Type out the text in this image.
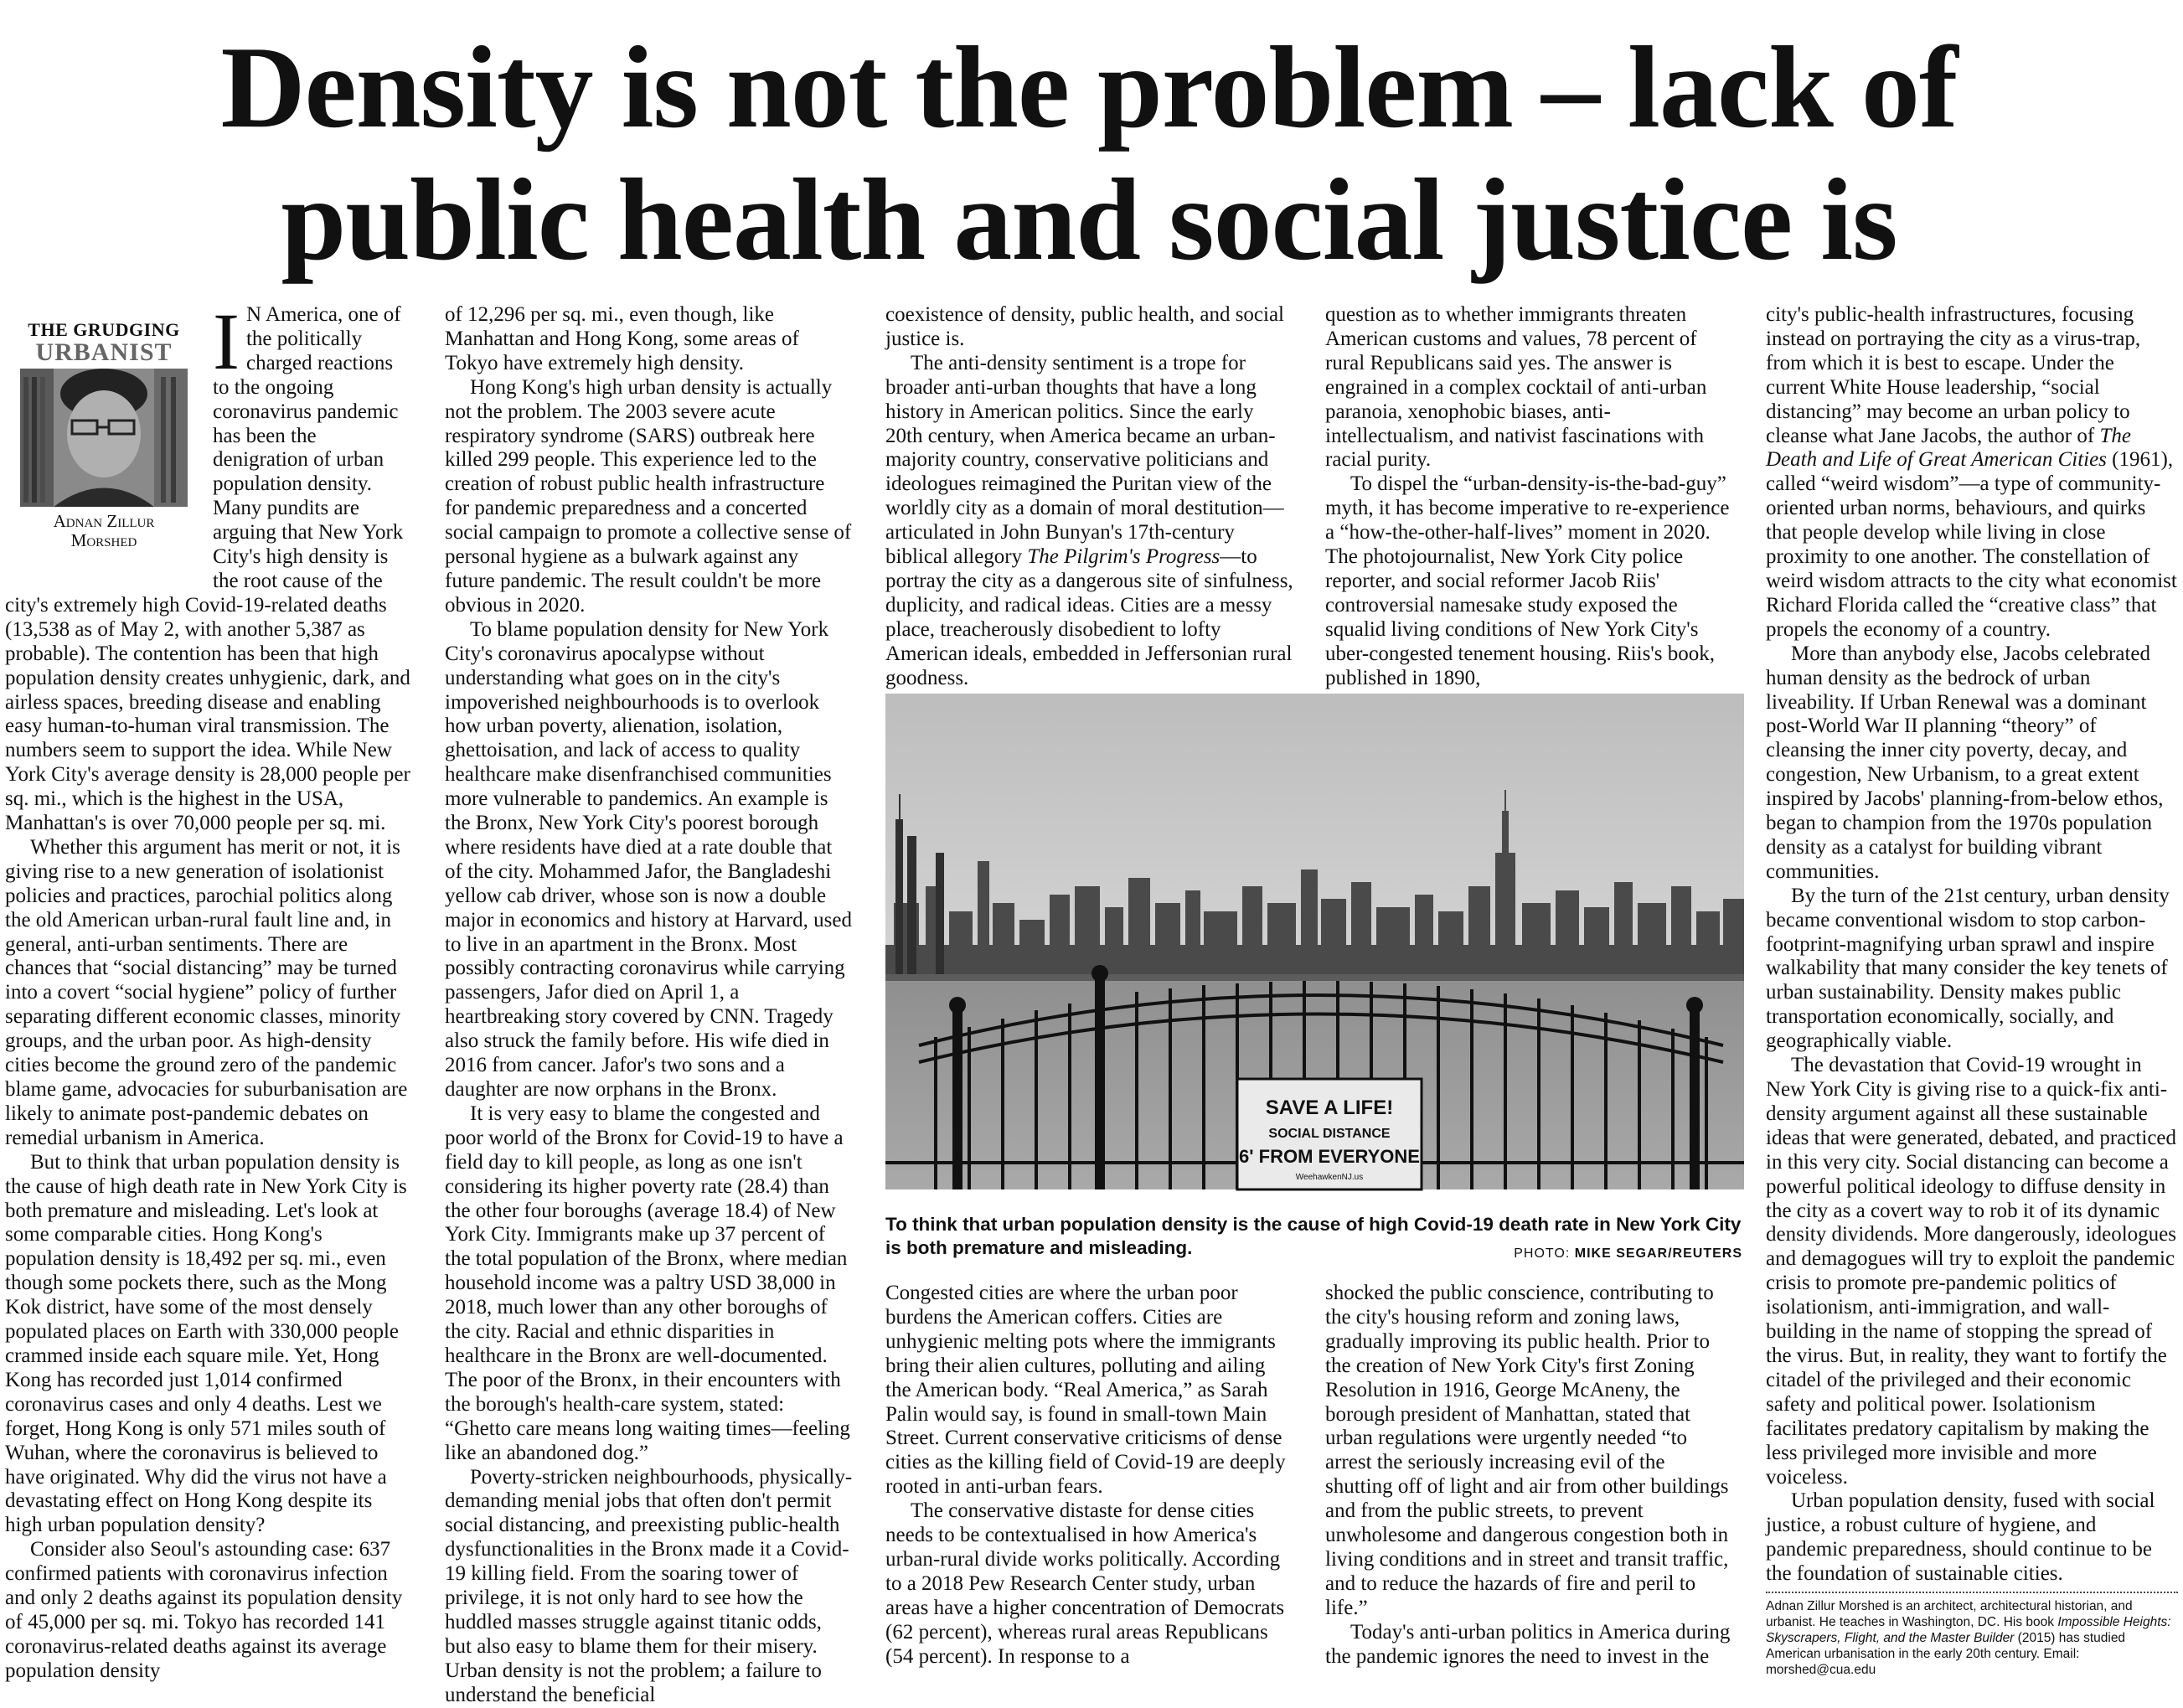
Density is not the problem – lack of
public health and social justice is
THE GRUDGING
URBANIST
Adnan Zillur
Morshed

I N America, one of the politically charged reactions to the ongoing coronavirus pandemic has been the denigration of urban population density. Many pundits are arguing that New York City's high density is the root cause of the city's extremely high Covid-19-related deaths (13,538 as of May 2, with another 5,387 as probable). The contention has been that high population density creates unhygienic, dark, and airless spaces, breeding disease and enabling easy human-to-human viral transmission. The numbers seem to support the idea. While New York City's average density is 28,000 people per sq. mi., which is the highest in the USA, Manhattan's is over 70,000 people per sq. mi.

Whether this argument has merit or not, it is giving rise to a new generation of isolationist policies and practices, parochial politics along the old American urban-rural fault line and, in general, anti-urban sentiments. There are chances that “social distancing” may be turned into a covert “social hygiene” policy of further separating different economic classes, minority groups, and the urban poor. As high-density cities become the ground zero of the pandemic blame game, advocacies for suburbanisation are likely to animate post-pandemic debates on remedial urbanism in America.

But to think that urban population density is the cause of high death rate in New York City is both premature and misleading. Let's look at some comparable cities. Hong Kong's population density is 18,492 per sq. mi., even though some pockets there, such as the Mong Kok district, have some of the most densely populated places on Earth with 330,000 people crammed inside each square mile. Yet, Hong Kong has recorded just 1,014 confirmed coronavirus cases and only 4 deaths. Lest we forget, Hong Kong is only 571 miles south of Wuhan, where the coronavirus is believed to have originated. Why did the virus not have a devastating effect on Hong Kong despite its high urban population density?

Consider also Seoul's astounding case: 637 confirmed patients with coronavirus infection and only 2 deaths against its population density of 45,000 per sq. mi. Tokyo has recorded 141 coronavirus-related deaths against its average population density

of 12,296 per sq. mi., even though, like Manhattan and Hong Kong, some areas of Tokyo have extremely high density.

Hong Kong's high urban density is actually not the problem. The 2003 severe acute respiratory syndrome (SARS) outbreak here killed 299 people. This experience led to the creation of robust public health infrastructure for pandemic preparedness and a concerted social campaign to promote a collective sense of personal hygiene as a bulwark against any future pandemic. The result couldn't be more obvious in 2020.

To blame population density for New York City's coronavirus apocalypse without understanding what goes on in the city's impoverished neighbourhoods is to overlook how urban poverty, alienation, isolation, ghettoisation, and lack of access to quality healthcare make disenfranchised communities more vulnerable to pandemics. An example is the Bronx, New York City's poorest borough where residents have died at a rate double that of the city. Mohammed Jafor, the Bangladeshi yellow cab driver, whose son is now a double major in economics and history at Harvard, used to live in an apartment in the Bronx. Most possibly contracting coronavirus while carrying passengers, Jafor died on April 1, a heartbreaking story covered by CNN. Tragedy also struck the family before. His wife died in 2016 from cancer. Jafor's two sons and a daughter are now orphans in the Bronx.

It is very easy to blame the congested and poor world of the Bronx for Covid-19 to have a field day to kill people, as long as one isn't considering its higher poverty rate (28.4) than the other four boroughs (average 18.4) of New York City. Immigrants make up 37 percent of the total population of the Bronx, where median household income was a paltry USD 38,000 in 2018, much lower than any other boroughs of the city. Racial and ethnic disparities in healthcare in the Bronx are well-documented. The poor of the Bronx, in their encounters with the borough's health-care system, stated: “Ghetto care means long waiting times—feeling like an abandoned dog.”

Poverty-stricken neighbourhoods, physically-demanding menial jobs that often don't permit social distancing, and preexisting public-health dysfunctionalities in the Bronx made it a Covid-19 killing field. From the soaring tower of privilege, it is not only hard to see how the huddled masses struggle against titanic odds, but also easy to blame them for their misery. Urban density is not the problem; a failure to understand the beneficial

coexistence of density, public health, and social justice is.

The anti-density sentiment is a trope for broader anti-urban thoughts that have a long history in American politics. Since the early 20th century, when America became an urban-majority country, conservative politicians and ideologues reimagined the Puritan view of the worldly city as a domain of moral destitution—articulated in John Bunyan's 17th-century biblical allegory The Pilgrim's Progress—to portray the city as a dangerous site of sinfulness, duplicity, and radical ideas. Cities are a messy place, treacherously disobedient to lofty American ideals, embedded in Jeffersonian rural goodness.

question as to whether immigrants threaten American customs and values, 78 percent of rural Republicans said yes. The answer is engrained in a complex cocktail of anti-urban paranoia, xenophobic biases, anti-intellectualism, and nativist fascinations with racial purity.

To dispel the “urban-density-is-the-bad-guy” myth, it has become imperative to re-experience a “how-the-other-half-lives” moment in 2020. The photojournalist, New York City police reporter, and social reformer Jacob Riis' controversial namesake study exposed the squalid living conditions of New York City's uber-congested tenement housing. Riis's book, published in 1890,

SAVE A LIFE!
SOCIAL DISTANCE
6' FROM EVERYONE
WeehawkenNJ.us
To think that urban population density is the cause of high Covid-19 death rate in New York City is both premature and misleading.	PHOTO: MIKE SEGAR/REUTERS

Congested cities are where the urban poor burdens the American coffers. Cities are unhygienic melting pots where the immigrants bring their alien cultures, polluting and ailing the American body. “Real America,” as Sarah Palin would say, is found in small-town Main Street. Current conservative criticisms of dense cities as the killing field of Covid-19 are deeply rooted in anti-urban fears.

The conservative distaste for dense cities needs to be contextualised in how America's urban-rural divide works politically. According to a 2018 Pew Research Center study, urban areas have a higher concentration of Democrats (62 percent), whereas rural areas Republicans (54 percent). In response to a

shocked the public conscience, contributing to the city's housing reform and zoning laws, gradually improving its public health. Prior to the creation of New York City's first Zoning Resolution in 1916, George McAneny, the borough president of Manhattan, stated that urban regulations were urgently needed “to arrest the seriously increasing evil of the shutting off of light and air from other buildings and from the public streets, to prevent unwholesome and dangerous congestion both in living conditions and in street and transit traffic, and to reduce the hazards of fire and peril to life.”

Today's anti-urban politics in America during the pandemic ignores the need to invest in the

city's public-health infrastructures, focusing instead on portraying the city as a virus-trap, from which it is best to escape. Under the current White House leadership, “social distancing” may become an urban policy to cleanse what Jane Jacobs, the author of The Death and Life of Great American Cities (1961), called “weird wisdom”—a type of community-oriented urban norms, behaviours, and quirks that people develop while living in close proximity to one another. The constellation of weird wisdom attracts to the city what economist Richard Florida called the “creative class” that propels the economy of a country.

More than anybody else, Jacobs celebrated human density as the bedrock of urban liveability. If Urban Renewal was a dominant post-World War II planning “theory” of cleansing the inner city poverty, decay, and congestion, New Urbanism, to a great extent inspired by Jacobs' planning-from-below ethos, began to champion from the 1970s population density as a catalyst for building vibrant communities.

By the turn of the 21st century, urban density became conventional wisdom to stop carbon-footprint-magnifying urban sprawl and inspire walkability that many consider the key tenets of urban sustainability. Density makes public transportation economically, socially, and geographically viable.

The devastation that Covid-19 wrought in New York City is giving rise to a quick-fix anti-density argument against all these sustainable ideas that were generated, debated, and practiced in this very city. Social distancing can become a powerful political ideology to diffuse density in the city as a covert way to rob it of its dynamic density dividends. More dangerously, ideologues and demagogues will try to exploit the pandemic crisis to promote pre-pandemic politics of isolationism, anti-immigration, and wall-building in the name of stopping the spread of the virus. But, in reality, they want to fortify the citadel of the privileged and their economic safety and political power. Isolationism facilitates predatory capitalism by making the less privileged more invisible and more voiceless.

Urban population density, fused with social justice, a robust culture of hygiene, and pandemic preparedness, should continue to be the foundation of sustainable cities.

Adnan Zillur Morshed is an architect, architectural historian, and urbanist. He teaches in Washington, DC. His book Impossible Heights: Skyscrapers, Flight, and the Master Builder (2015) has studied American urbanisation in the early 20th century. Email: morshed@cua.edu
